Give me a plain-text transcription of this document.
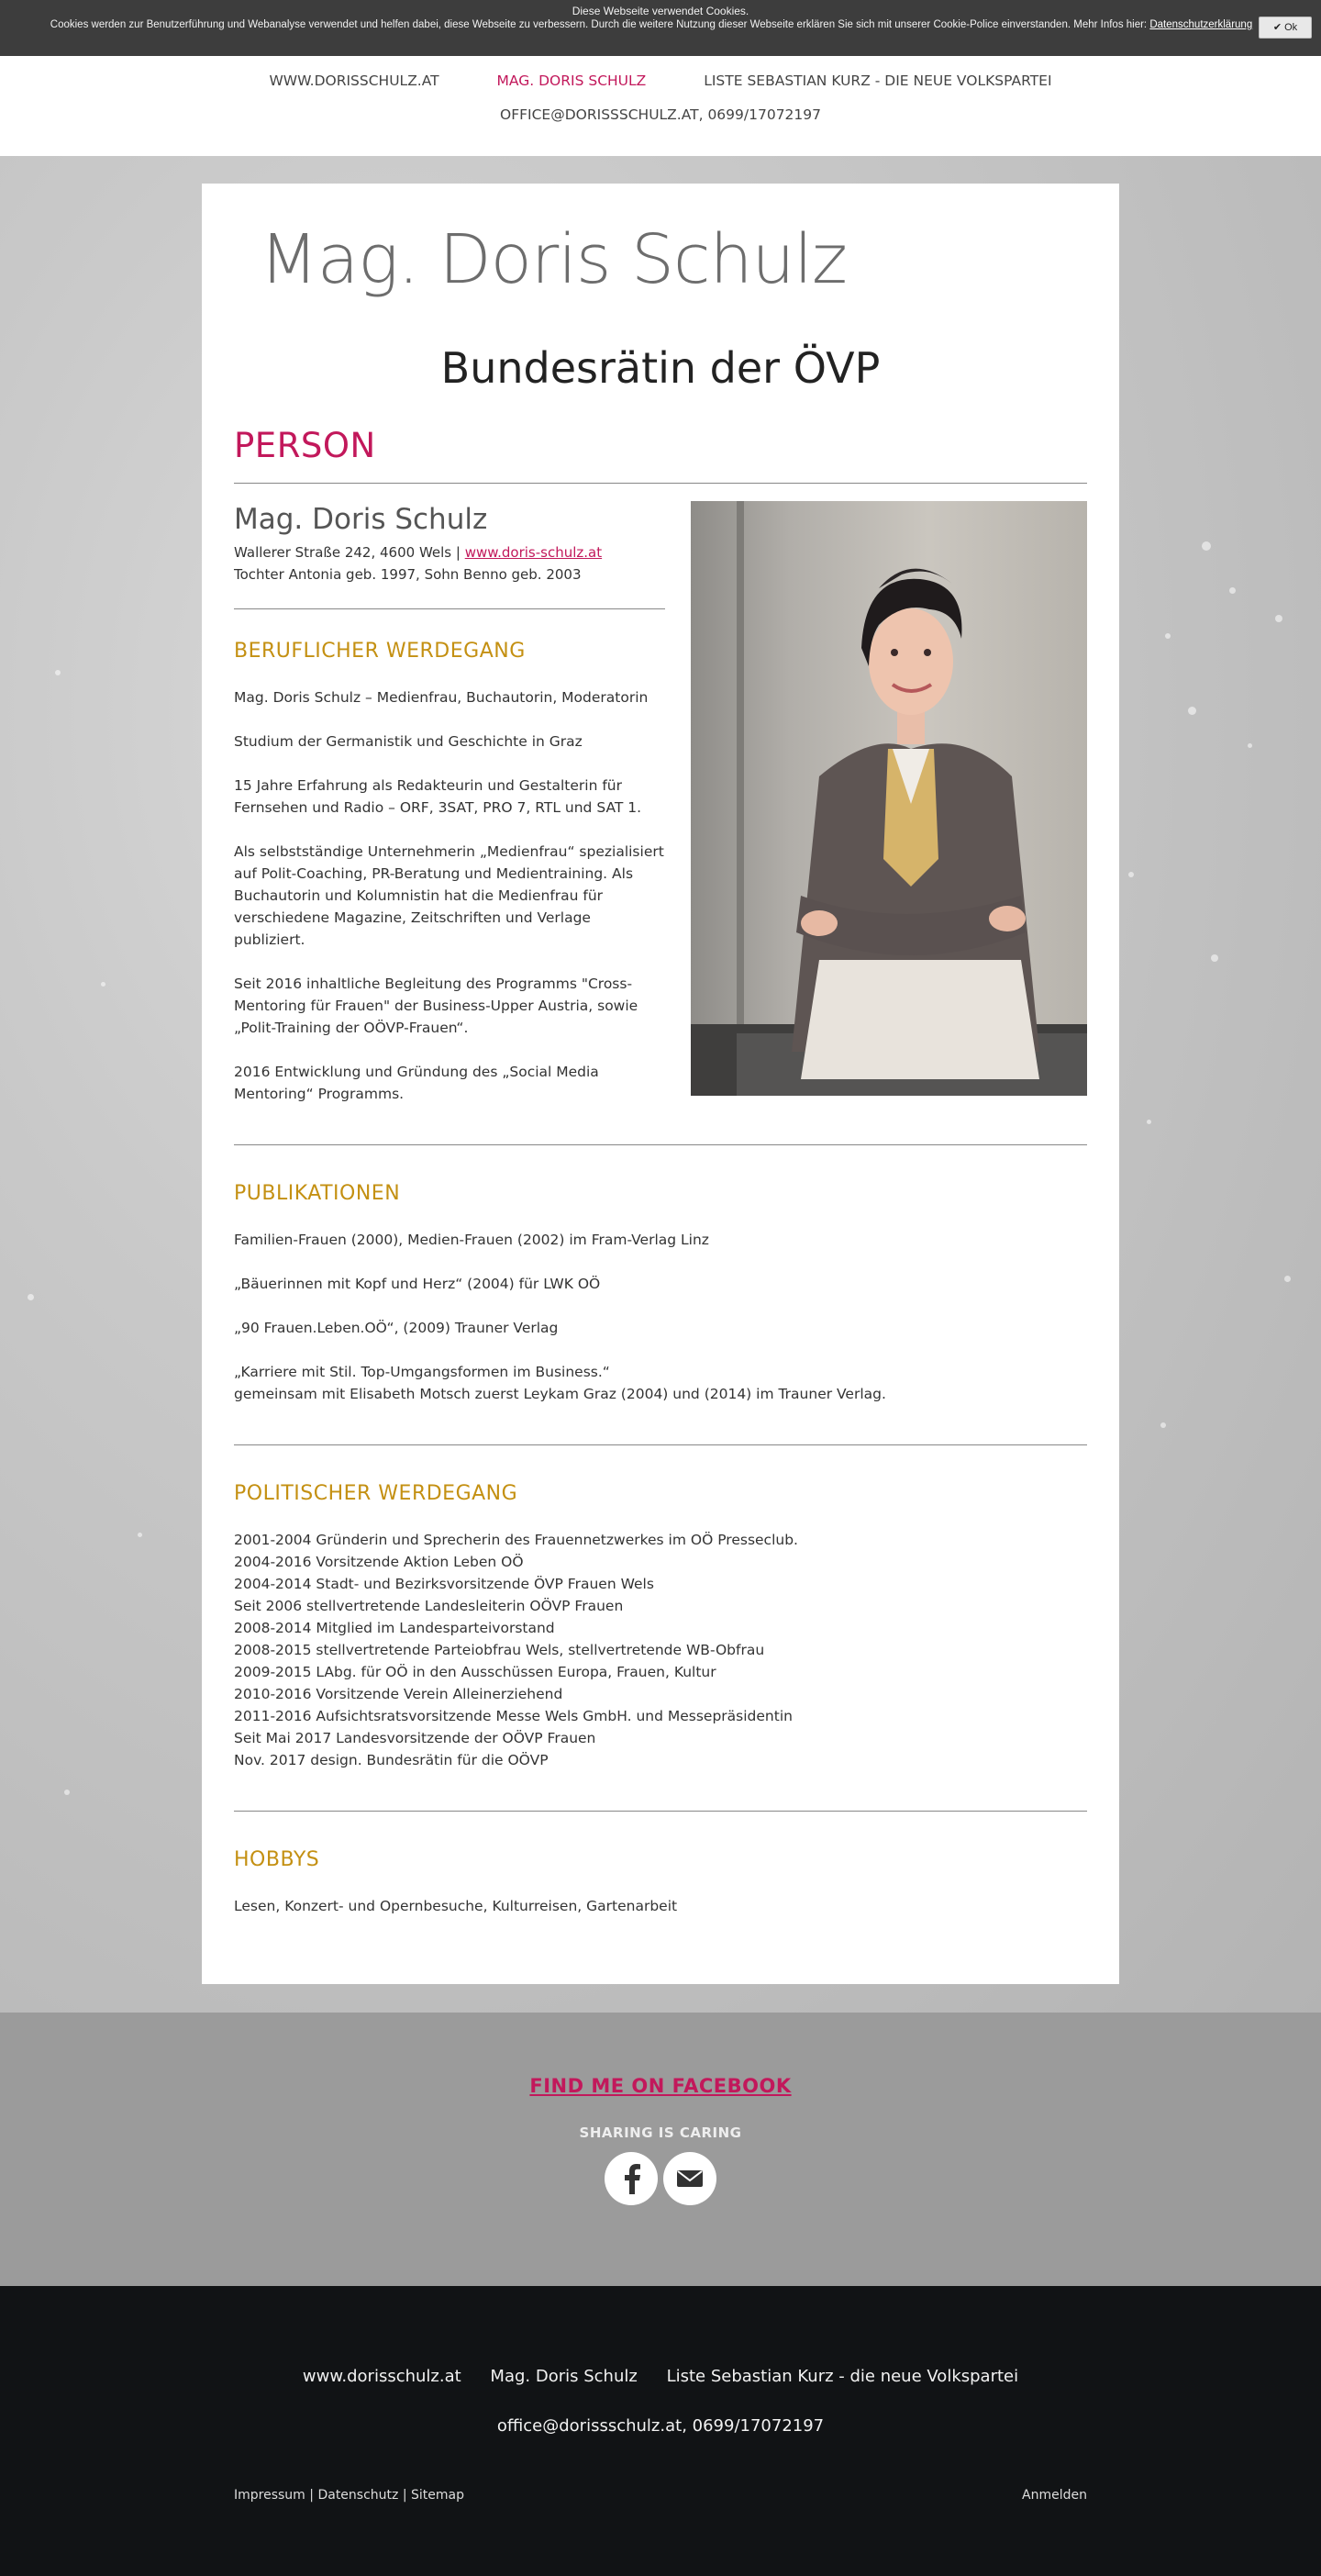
Diese Webseite verwendet Cookies.
Cookies werden zur Benutzerführung und Webanalyse verwendet und helfen dabei, diese Webseite zu verbessern. Durch die weitere Nutzung dieser Webseite erklären Sie sich mit unserer Cookie-Police einverstanden. Mehr Infos hier: Datenschutzerklärung	✔ Ok
WWW.DORISSCHULZ.AT	MAG. DORIS SCHULZ	LISTE SEBASTIAN KURZ - DIE NEUE VOLKSPARTEI
OFFICE@DORISSSCHULZ.AT, 0699/17072197
Mag. Doris Schulz
Bundesrätin der ÖVP
PERSON
Mag. Doris Schulz

Wallerer Straße 242, 4600 Wels | www.doris-schulz.at

Tochter Antonia geb. 1997, Sohn Benno geb. 2003

BERUFLICHER WERDEGANG

Mag. Doris Schulz – Medienfrau, Buchautorin, Moderatorin

Studium der Germanistik und Geschichte in Graz

15 Jahre Erfahrung als Redakteurin und Gestalterin für Fernsehen und Radio – ORF, 3SAT, PRO 7, RTL und SAT 1.

Als selbstständige Unternehmerin „Medienfrau“ spezialisiert auf Polit-Coaching, PR-Beratung und Medientraining. Als Buchautorin und Kolumnistin hat die Medienfrau für verschiedene Magazine, Zeitschriften und Verlage publiziert.

Seit 2016 inhaltliche Begleitung des Programms "Cross-Mentoring für Frauen" der Business-Upper Austria, sowie „Polit-Training der OÖVP-Frauen“.

2016 Entwicklung und Gründung des „Social Media Mentoring“ Programms.

PUBLIKATIONEN

Familien-Frauen (2000), Medien-Frauen (2002) im Fram-Verlag Linz

„Bäuerinnen mit Kopf und Herz“ (2004) für LWK OÖ

„90 Frauen.Leben.OÖ“, (2009) Trauner Verlag

„Karriere mit Stil. Top-Umgangsformen im Business.“

gemeinsam mit Elisabeth Motsch zuerst Leykam Graz (2004) und (2014) im Trauner Verlag.

POLITISCHER WERDEGANG

2001-2004 Gründerin und Sprecherin des Frauennetzwerkes im OÖ Presseclub.

2004-2016 Vorsitzende Aktion Leben OÖ

2004-2014 Stadt- und Bezirksvorsitzende ÖVP Frauen Wels

Seit 2006 stellvertretende Landesleiterin OÖVP Frauen

2008-2014 Mitglied im Landesparteivorstand

2008-2015 stellvertretende Parteiobfrau Wels, stellvertretende WB-Obfrau

2009-2015 LAbg. für OÖ in den Ausschüssen Europa, Frauen, Kultur

2010-2016 Vorsitzende Verein Alleinerziehend

2011-2016 Aufsichtsratsvorsitzende Messe Wels GmbH. und Messepräsidentin

Seit Mai 2017 Landesvorsitzende der OÖVP Frauen

Nov. 2017 design. Bundesrätin für die OÖVP

HOBBYS

Lesen, Konzert- und Opernbesuche, Kulturreisen, Gartenarbeit

FIND ME ON FACEBOOK
SHARING IS CARING
www.dorisschulz.at Mag. Doris Schulz Liste Sebastian Kurz - die neue Volkspartei
office@dorissschulz.at, 0699/17072197
Impressum | Datenschutz | Sitemap	Anmelden
